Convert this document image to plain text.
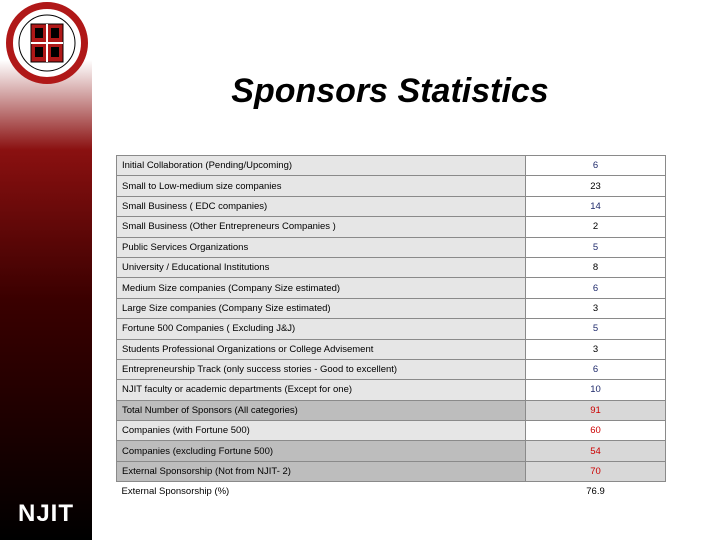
NJIT
Sponsors Statistics
Initial Collaboration (Pending/Upcoming)	6
Small to Low-medium size companies	23
Small Business ( EDC companies)	14
Small Business (Other Entrepreneurs Companies )	2
Public Services Organizations	5
University / Educational Institutions	8
Medium Size companies (Company Size estimated)	6
Large Size companies (Company Size estimated)	3
Fortune 500 Companies ( Excluding J&J)	5
Students Professional Organizations or College Advisement	3
Entrepreneurship Track (only success stories - Good to excellent)	6
NJIT faculty or academic departments (Except for one)	10
Total Number of Sponsors (All categories)	91
Companies (with Fortune 500)	60
Companies (excluding Fortune 500)	54
External Sponsorship (Not from NJIT- 2)	70
External Sponsorship (%)	76.9
